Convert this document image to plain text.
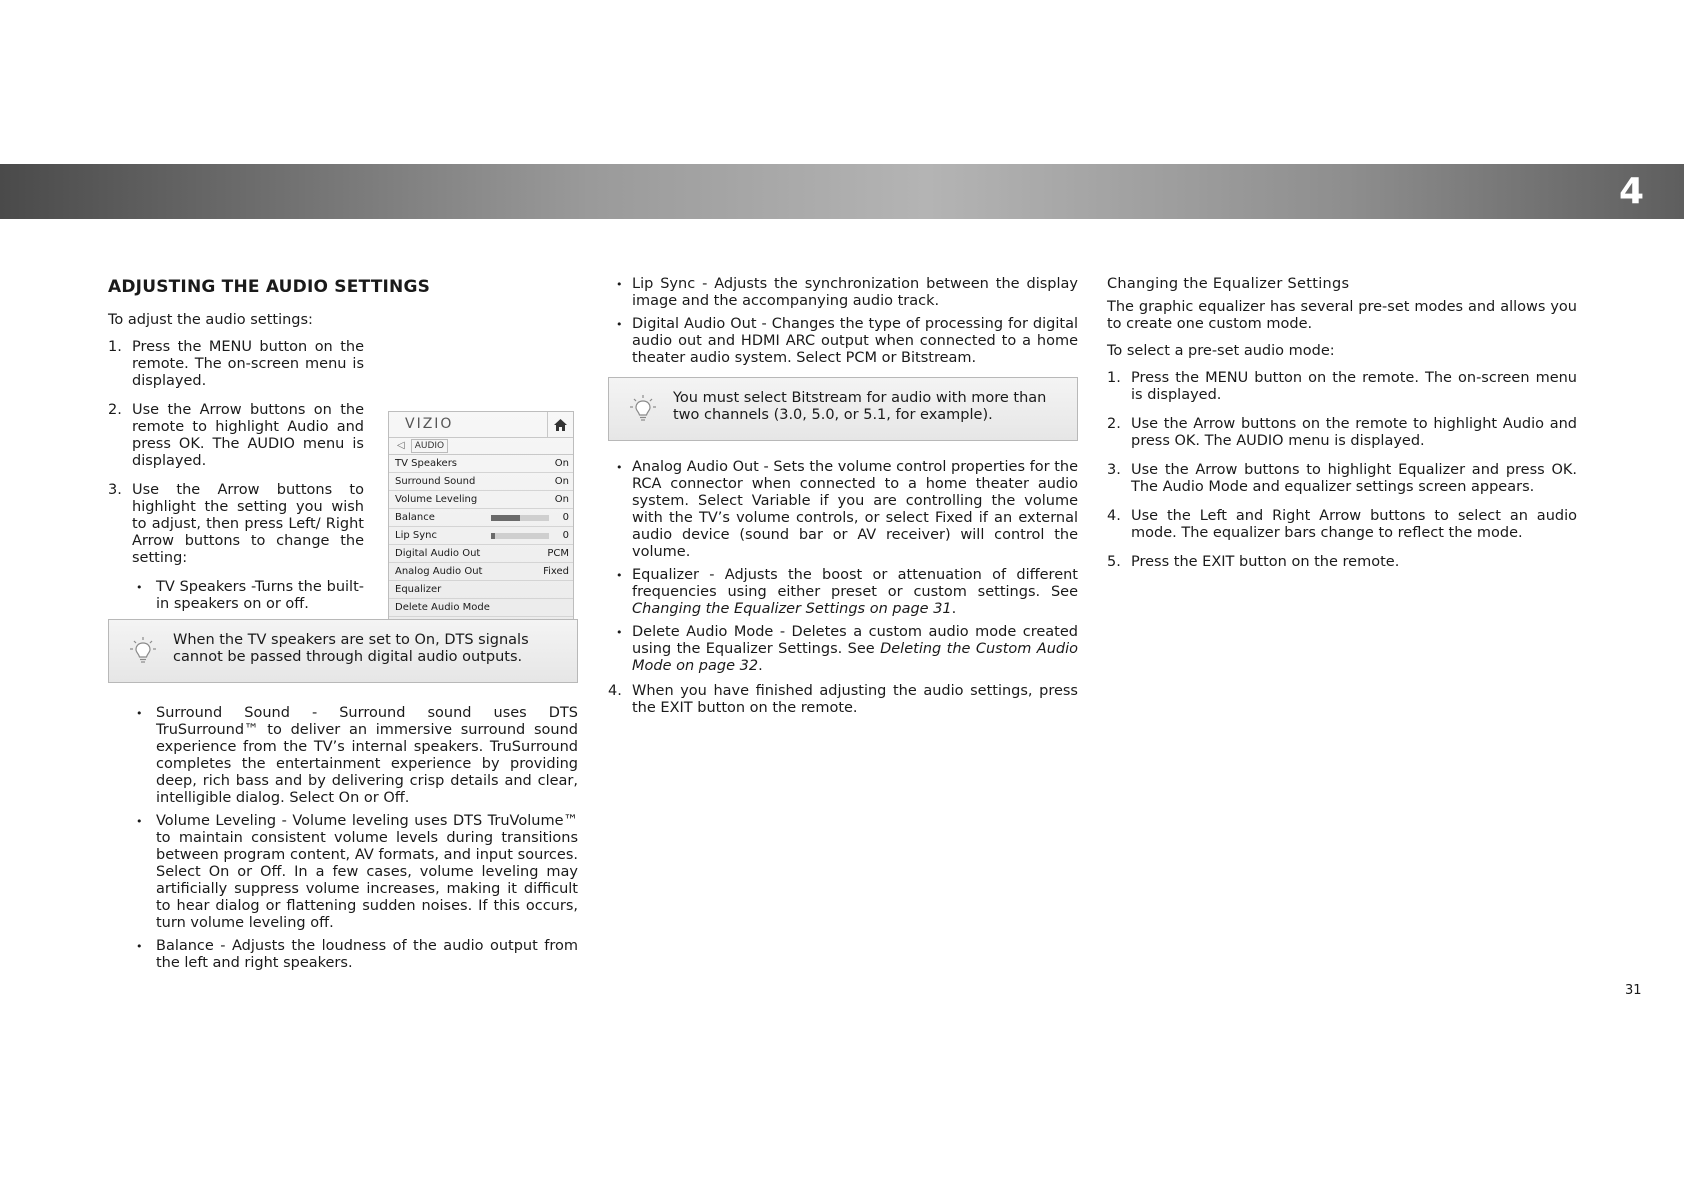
4
ADJUSTING THE AUDIO SETTINGS
To adjust the audio settings:
1. Press the MENU button on the remote. The on-screen menu is displayed.
2. Use the Arrow buttons on the remote to highlight Audio and press OK. The AUDIO menu is displayed.
3. Use the Arrow buttons to highlight the setting you wish to adjust, then press Left/ Right Arrow buttons to change the setting:
• TV Speakers -Turns the built-in speakers on or off.
VIZIO
◁	AUDIO
TV Speakers	On
Surround Sound	On
Volume Leveling	On
Balance	0
Lip Sync	0
Digital Audio Out	PCM
Analog Audio Out	Fixed
Equalizer
Delete Audio Mode
When the TV speakers are set to On, DTS signals cannot be passed through digital audio outputs.
• Surround Sound - Surround sound uses DTS TruSurround™ to deliver an immersive surround sound experience from the TV’s internal speakers. TruSurround completes the entertainment experience by providing deep, rich bass and by delivering crisp details and clear, intelligible dialog. Select On or Off.
• Volume Leveling - Volume leveling uses DTS TruVolume™ to maintain consistent volume levels during transitions between program content, AV formats, and input sources. Select On or Off. In a few cases, volume leveling may artificially suppress volume increases, making it difficult to hear dialog or flattening sudden noises. If this occurs, turn volume leveling off.
• Balance - Adjusts the loudness of the audio output from the left and right speakers.
• Lip Sync - Adjusts the synchronization between the display image and the accompanying audio track.
• Digital Audio Out - Changes the type of processing for digital audio out and HDMI ARC output when connected to a home theater audio system. Select PCM or Bitstream.
You must select Bitstream for audio with more than two channels (3.0, 5.0, or 5.1, for example).
• Analog Audio Out - Sets the volume control properties for the RCA connector when connected to a home theater audio system. Select Variable if you are controlling the volume with the TV’s volume controls, or select Fixed if an external audio device (sound bar or AV receiver) will control the volume.
• Equalizer - Adjusts the boost or attenuation of different frequencies using either preset or custom settings. See Changing the Equalizer Settings on page 31.
• Delete Audio Mode - Deletes a custom audio mode created using the Equalizer Settings. See Deleting the Custom Audio Mode on page 32.
4. When you have finished adjusting the audio settings, press the EXIT button on the remote.
Changing the Equalizer Settings
The graphic equalizer has several pre-set modes and allows you to create one custom mode.
To select a pre-set audio mode:
1. Press the MENU button on the remote. The on-screen menu is displayed.
2. Use the Arrow buttons on the remote to highlight Audio and press OK. The AUDIO menu is displayed.
3. Use the Arrow buttons to highlight Equalizer and press OK. The Audio Mode and equalizer settings screen appears.
4. Use the Left and Right Arrow buttons to select an audio mode. The equalizer bars change to reflect the mode.
5. Press the EXIT button on the remote.
31
